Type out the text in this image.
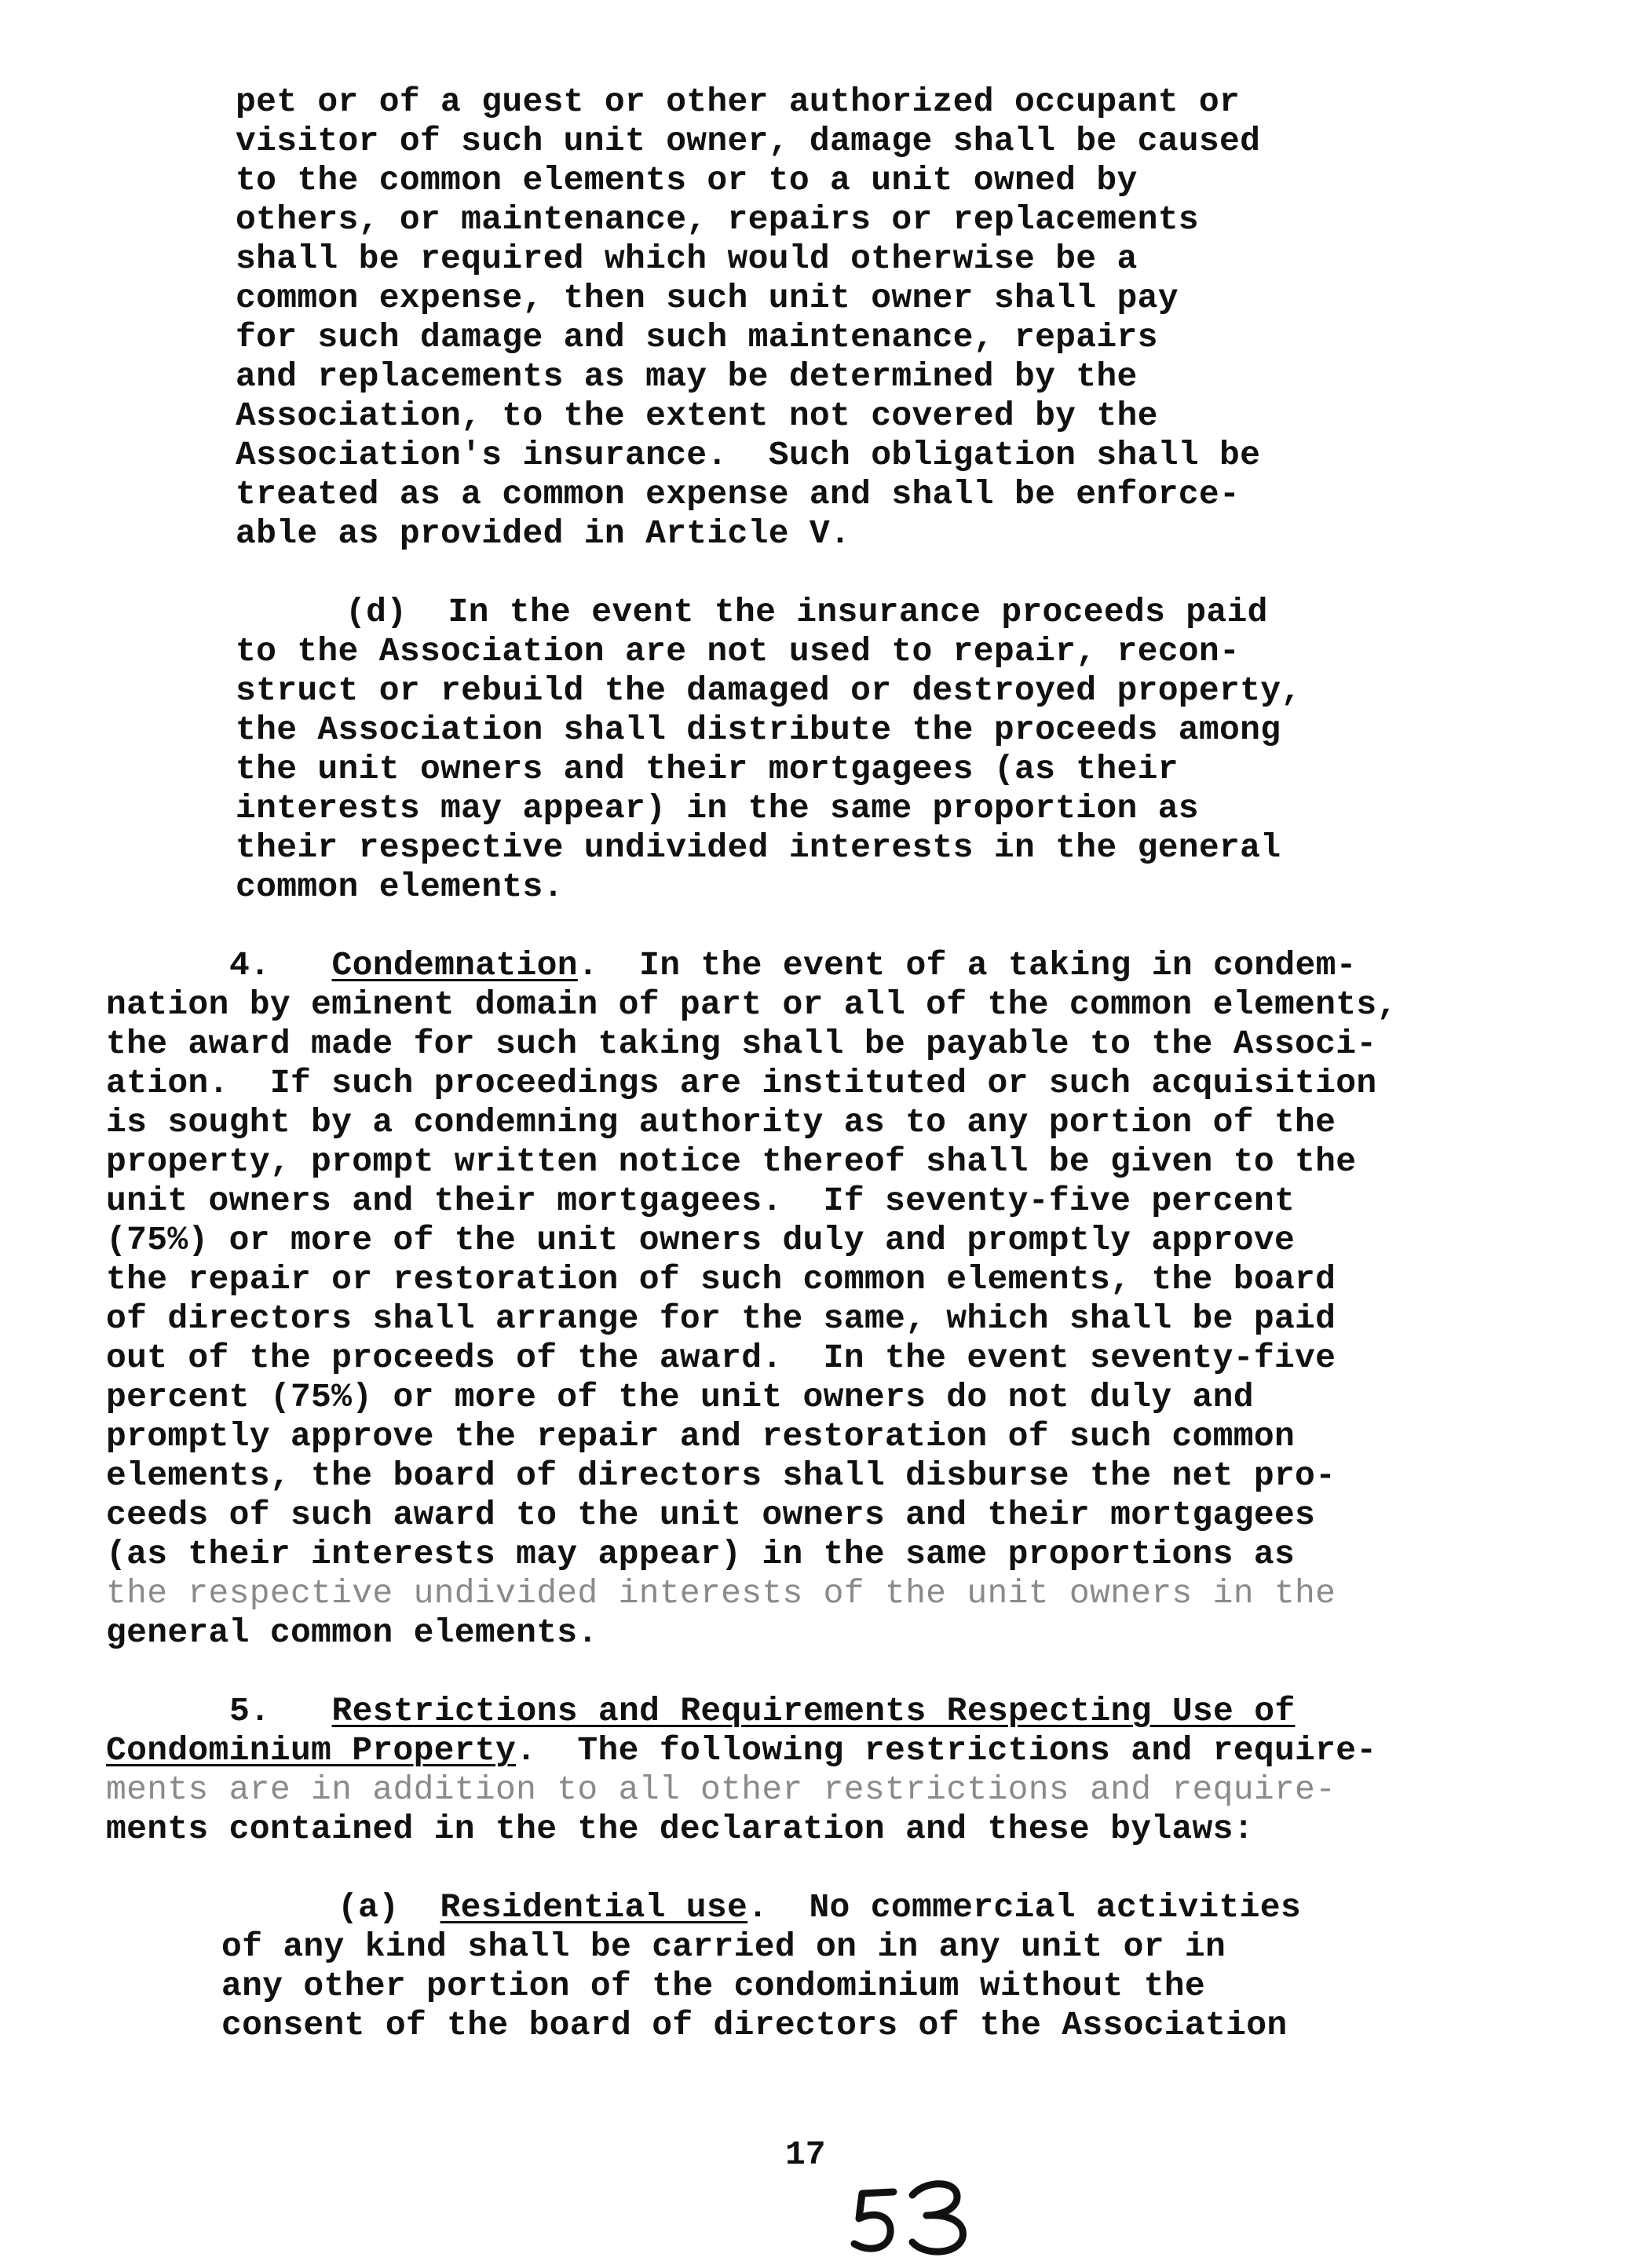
pet or of a guest or other authorized occupant or
visitor of such unit owner, damage shall be caused
to the common elements or to a unit owned by
others, or maintenance, repairs or replacements
shall be required which would otherwise be a
common expense, then such unit owner shall pay
for such damage and such maintenance, repairs
and replacements as may be determined by the
Association, to the extent not covered by the
Association's insurance.  Such obligation shall be
treated as a common expense and shall be enforce-
able as provided in Article V.
(d)  In the event the insurance proceeds paid
to the Association are not used to repair, recon-
struct or rebuild the damaged or destroyed property,
the Association shall distribute the proceeds among
the unit owners and their mortgagees (as their
interests may appear) in the same proportion as
their respective undivided interests in the general
common elements.
4. Condemnation.  In the event of a taking in condem-
nation by eminent domain of part or all of the common elements,
the award made for such taking shall be payable to the Associ-
ation.  If such proceedings are instituted or such acquisition
is sought by a condemning authority as to any portion of the
property, prompt written notice thereof shall be given to the
unit owners and their mortgagees.  If seventy-five percent
(75%) or more of the unit owners duly and promptly approve
the repair or restoration of such common elements, the board
of directors shall arrange for the same, which shall be paid
out of the proceeds of the award.  In the event seventy-five
percent (75%) or more of the unit owners do not duly and
promptly approve the repair and restoration of such common
elements, the board of directors shall disburse the net pro-
ceeds of such award to the unit owners and their mortgagees
(as their interests may appear) in the same proportions as
the respective undivided interests of the unit owners in the
general common elements.
5. Restrictions and Requirements Respecting Use of
Condominium Property.  The following restrictions and require-
ments are in addition to all other restrictions and require-
ments contained in the the declaration and these bylaws:
(a) Residential use.  No commercial activities
of any kind shall be carried on in any unit or in
any other portion of the condominium without the
consent of the board of directors of the Association
17
